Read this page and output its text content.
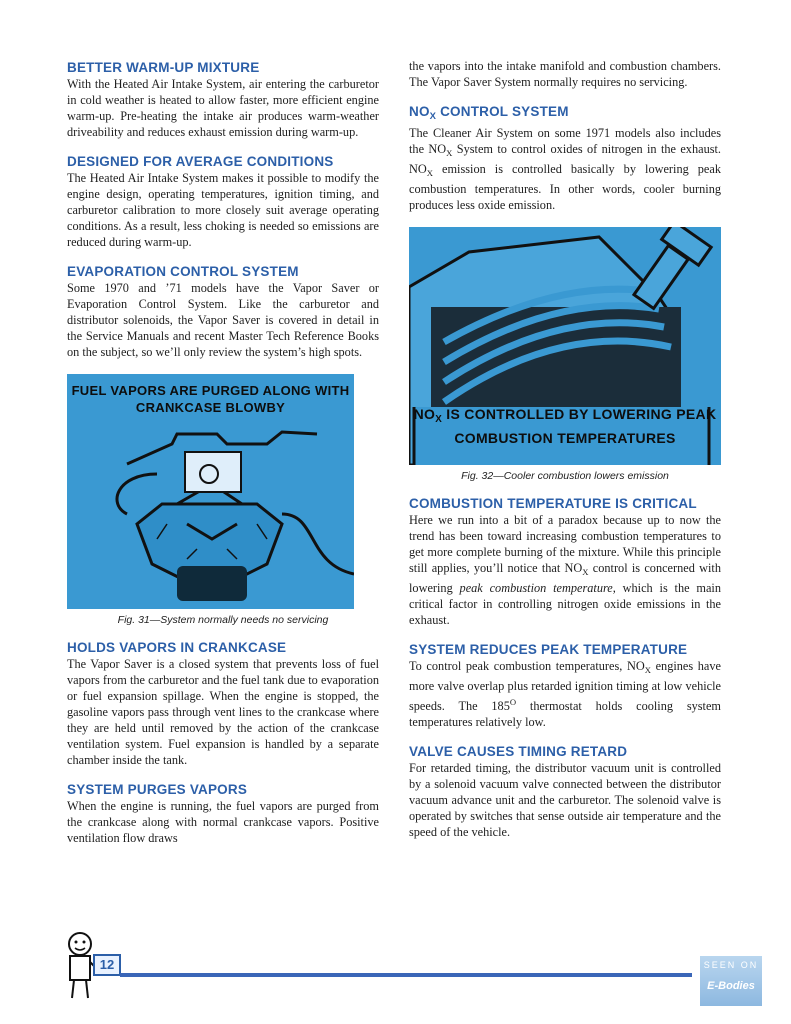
BETTER WARM-UP MIXTURE

With the Heated Air Intake System, air entering the carburetor in cold weather is heated to allow faster, more efficient engine warm-up. Pre-heating the intake air produces warm-weather driveability and reduces exhaust emission during warm-up.

DESIGNED FOR AVERAGE CONDITIONS

The Heated Air Intake System makes it possible to modify the engine design, operating temperatures, ignition timing, and carburetor calibration to more closely suit average operating conditions. As a result, less choking is needed so emissions are reduced during warm-up.

EVAPORATION CONTROL SYSTEM

Some 1970 and ’71 models have the Vapor Saver or Evaporation Control System. Like the carburetor and distributor solenoids, the Vapor Saver is covered in detail in the Service Manuals and recent Master Tech Reference Books on the subject, so we’ll only review the system’s high spots.

FUEL VAPORS ARE PURGED ALONG WITH
CRANKCASE BLOWBY
Fig. 31—System normally needs no servicing
HOLDS VAPORS IN CRANKCASE

The Vapor Saver is a closed system that prevents loss of fuel vapors from the carburetor and the fuel tank due to evaporation or fuel expansion spillage. When the engine is stopped, the gasoline vapors pass through vent lines to the crankcase where they are held until removed by the action of the crankcase ventilation system. Fuel expansion is handled by a separate chamber inside the tank.

SYSTEM PURGES VAPORS

When the engine is running, the fuel vapors are purged from the crankcase along with normal crankcase vapors. Positive ventilation flow draws

the vapors into the intake manifold and combustion chambers. The Vapor Saver System normally requires no servicing.

$NO_X$ CONTROL SYSTEM

The Cleaner Air System on some 1971 models also includes the $NO_X$ System to control oxides of nitrogen in the exhaust. $NO_X$ emission is controlled basically by lowering peak combustion temperatures. In other words, cooler burning produces less oxide emission.

$NO_X$ IS CONTROLLED BY LOWERING PEAK
COMBUSTION TEMPERATURES
Fig. 32—Cooler combustion lowers emission
COMBUSTION TEMPERATURE IS CRITICAL

Here we run into a bit of a paradox because up to now the trend has been toward increasing combustion temperatures to get more complete burning of the mixture. While this principle still applies, you’ll notice that $NO_X$ control is concerned with lowering peak combustion temperature, which is the main critical factor in controlling nitrogen oxide emissions in the exhaust.

SYSTEM REDUCES PEAK TEMPERATURE

To control peak combustion temperatures, $NO_X$ engines have more valve overlap plus retarded ignition timing at low vehicle speeds. The $185^O$ thermostat holds cooling system temperatures relatively low.

VALVE CAUSES TIMING RETARD

For retarded timing, the distributor vacuum unit is controlled by a solenoid vacuum valve connected between the distributor vacuum advance unit and the carburetor. The solenoid valve is operated by switches that sense outside air temperature and the speed of the vehicle.

12	SEEN ON
E-Bodies
